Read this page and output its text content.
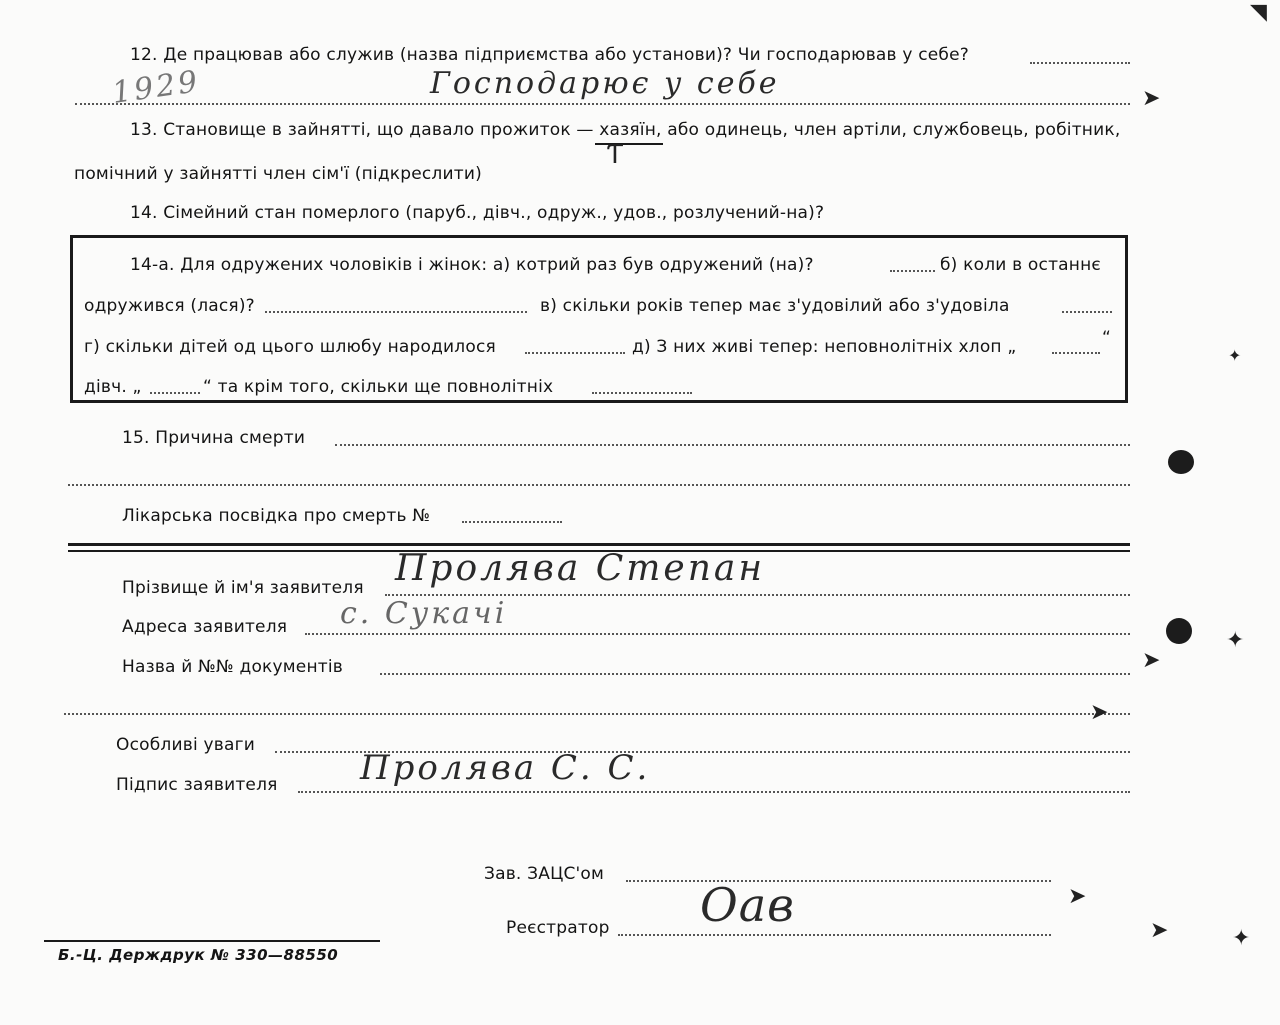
12. Де працював або служив (назва підприємства або установи)? Чи господарював у себе?
1929	Господарює у себе
13. Становище в зайнятті, що давало прожиток — хазяїн, або одинець, член артіли, службовець, робітник,
Ƭ
помічний у зайнятті член сім'ї (підкреслити)
14. Сімейний стан померлого (паруб., дівч., одруж., удов., розлучений-на)?
14-а. Для одружених чоловіків і жінок: а) котрий раз був одружений (на)?	б) коли в останнє
одружився (лася)?	в) скільки років тепер має з'удовілий або з'удовіла
г) скільки дітей од цього шлюбу народилося	д) З них живі тепер: неповнолітніх хлоп „	“
дівч. „	“ та крім того, скільки ще повнолітніх
15. Причина смерти
Лікарська посвідка про смерть №
Прізвище й ім'я заявителя Пролява Степан
Адреса заявителя с. Сукачі
Назва й №№ документів
Особливі уваги
Підпис заявителя Пролявa С. С.
Зав. ЗАЦС'ом
Реєстратор Оав
Б.-Ц. Держдрук № 330—88550
➤
✦
➤
✦
➤
➤
➤	✦
◥
